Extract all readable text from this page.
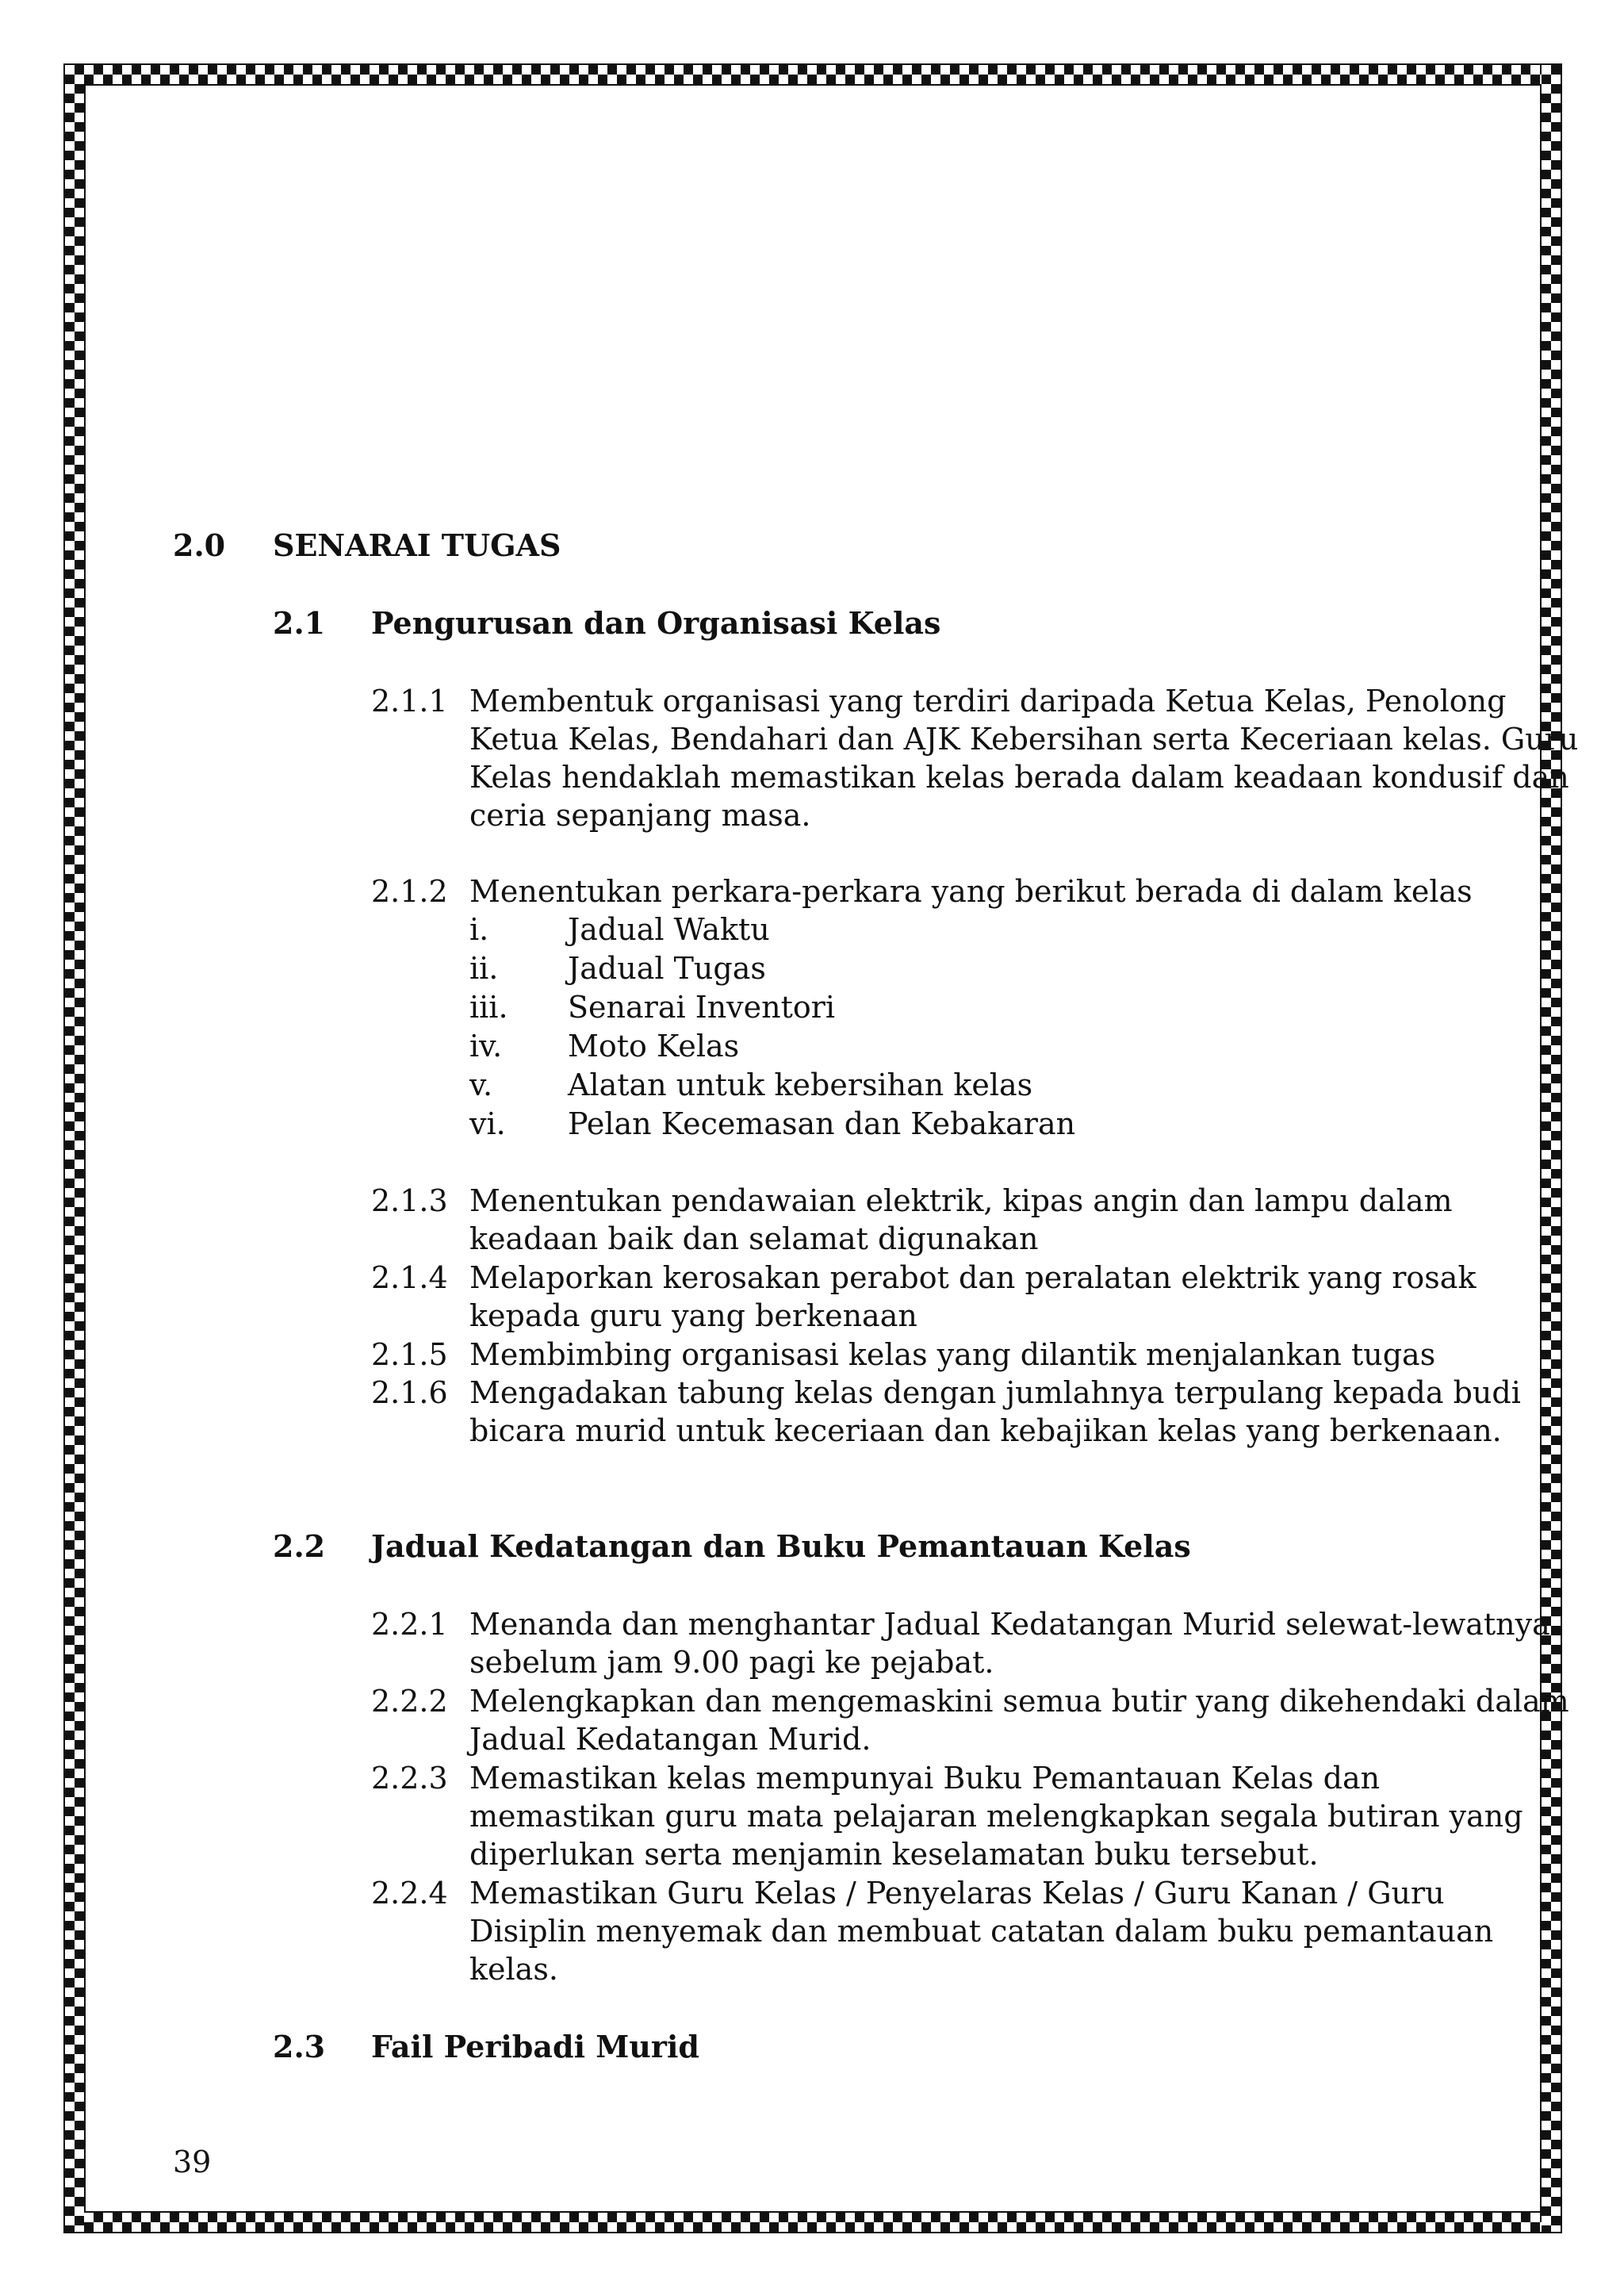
2.0 SENARAI TUGAS
2.1 Pengurusan dan Organisasi Kelas
2.1.1 Membentuk organisasi yang terdiri daripada Ketua Kelas, Penolong
Ketua Kelas, Bendahari dan AJK Kebersihan serta Keceriaan kelas. Guru
Kelas hendaklah memastikan kelas berada dalam keadaan kondusif dan
ceria sepanjang masa.
2.1.2 Menentukan perkara-perkara yang berikut berada di dalam kelas
i.	Jadual Waktu
ii. Jadual Tugas
iii. Senarai Inventori
iv. Moto Kelas
v. Alatan untuk kebersihan kelas
vi. Pelan Kecemasan dan Kebakaran
2.1.3 Menentukan pendawaian elektrik, kipas angin dan lampu dalam
keadaan baik dan selamat digunakan
2.1.4 Melaporkan kerosakan perabot dan peralatan elektrik yang rosak
kepada guru yang berkenaan
2.1.5 Membimbing organisasi kelas yang dilantik menjalankan tugas
2.1.6 Mengadakan tabung kelas dengan jumlahnya terpulang kepada budi
bicara murid untuk keceriaan dan kebajikan kelas yang berkenaan.
2.2 Jadual Kedatangan dan Buku Pemantauan Kelas
2.2.1 Menanda dan menghantar Jadual Kedatangan Murid selewat-lewatnya
sebelum jam 9.00 pagi ke pejabat.
2.2.2 Melengkapkan dan mengemaskini semua butir yang dikehendaki dalam
Jadual Kedatangan Murid.
2.2.3 Memastikan kelas mempunyai Buku Pemantauan Kelas dan
memastikan guru mata pelajaran melengkapkan segala butiran yang
diperlukan serta menjamin keselamatan buku tersebut.
2.2.4 Memastikan Guru Kelas / Penyelaras Kelas / Guru Kanan / Guru
Disiplin menyemak dan membuat catatan dalam buku pemantauan
kelas.
2.3 Fail Peribadi Murid
39
